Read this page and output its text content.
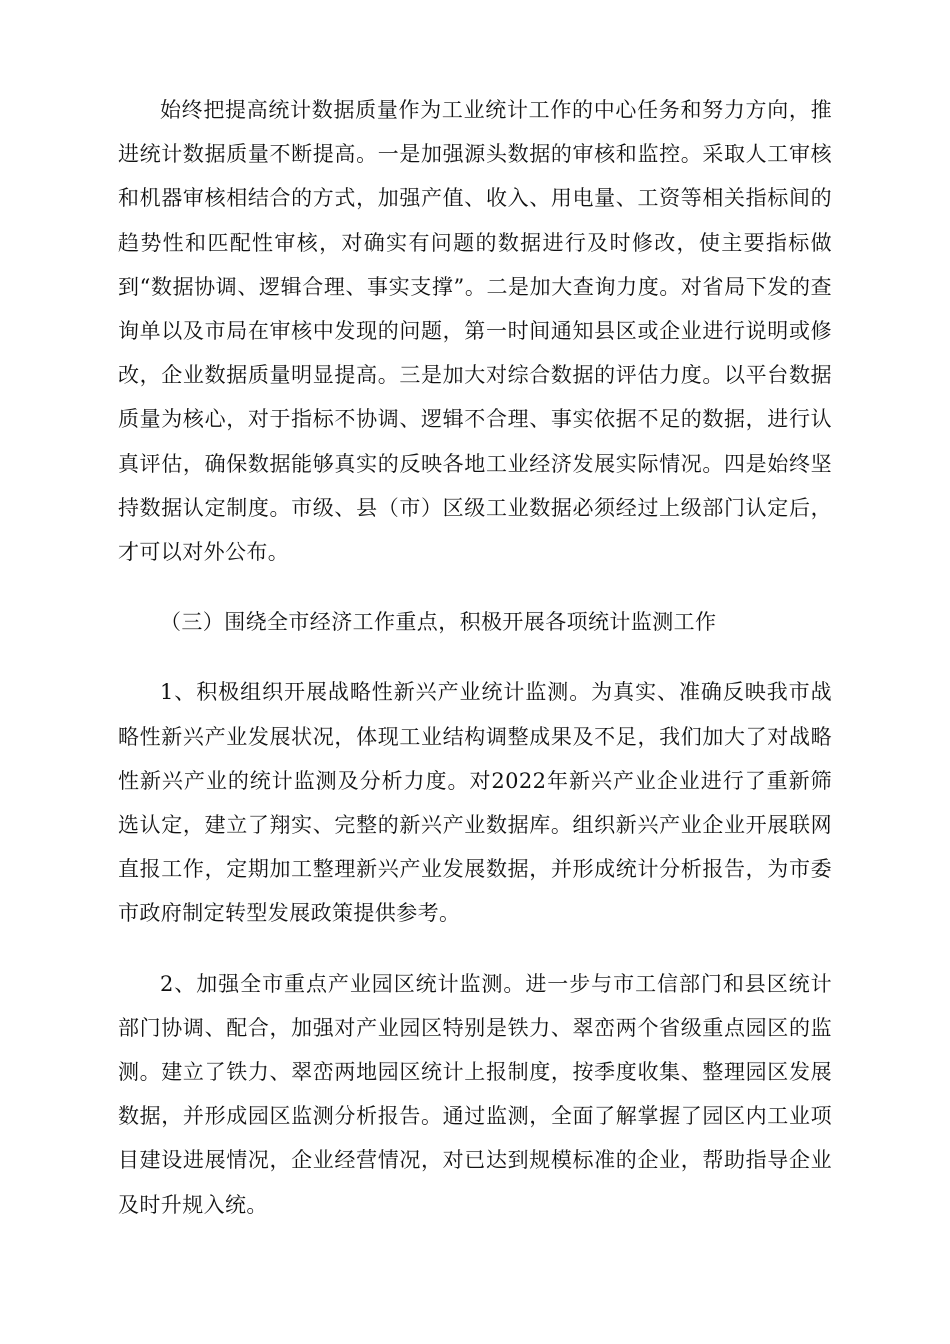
始终把提高统计数据质量作为工业统计工作的中心任务和努力方向，推进统计数据质量不断提高。一是加强源头数据的审核和监控。采取人工审核和机器审核相结合的方式，加强产值、收入、用电量、工资等相关指标间的趋势性和匹配性审核，对确实有问题的数据进行及时修改，使主要指标做到“数据协调、逻辑合理、事实支撑”。二是加大查询力度。对省局下发的查询单以及市局在审核中发现的问题，第一时间通知县区或企业进行说明或修改，企业数据质量明显提高。三是加大对综合数据的评估力度。以平台数据质量为核心，对于指标不协调、逻辑不合理、事实依据不足的数据，进行认真评估，确保数据能够真实的反映各地工业经济发展实际情况。四是始终坚持数据认定制度。市级、县（市）区级工业数据必须经过上级部门认定后，才可以对外公布。

（三）围绕全市经济工作重点，积极开展各项统计监测工作

1、积极组织开展战略性新兴产业统计监测。为真实、准确反映我市战略性新兴产业发展状况，体现工业结构调整成果及不足，我们加大了对战略性新兴产业的统计监测及分析力度。对2022年新兴产业企业进行了重新筛选认定，建立了翔实、完整的新兴产业数据库。组织新兴产业企业开展联网直报工作，定期加工整理新兴产业发展数据，并形成统计分析报告，为市委市政府制定转型发展政策提供参考。

2、加强全市重点产业园区统计监测。进一步与市工信部门和县区统计部门协调、配合，加强对产业园区特别是铁力、翠峦两个省级重点园区的监测。建立了铁力、翠峦两地园区统计上报制度，按季度收集、整理园区发展数据，并形成园区监测分析报告。通过监测，全面了解掌握了园区内工业项目建设进展情况，企业经营情况，对已达到规模标准的企业，帮助指导企业及时升规入统。
